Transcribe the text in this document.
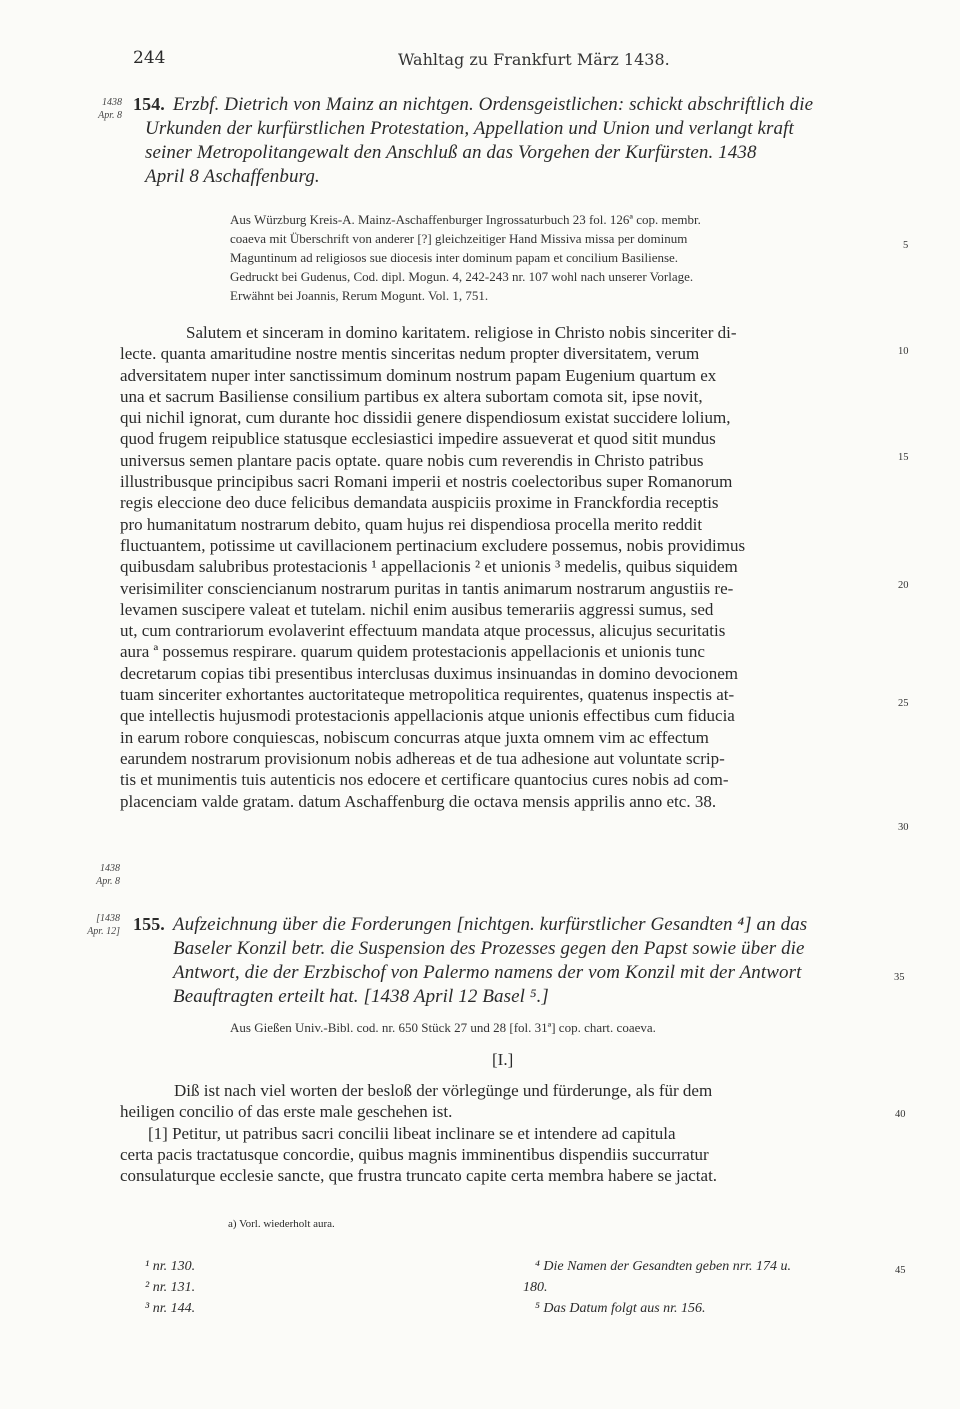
244	Wahltag zu Frankfurt März 1438.
1438
Apr. 8
154. Erzbf. Dietrich von Mainz an nichtgen. Ordensgeistlichen: schickt abschriftlich die
Urkunden der kurfürstlichen Protestation, Appellation und Union und verlangt kraft
seiner Metropolitangewalt den Anschluß an das Vorgehen der Kurfürsten. 1438
April 8 Aschaffenburg.
Aus Würzburg Kreis-A. Mainz-Aschaffenburger Ingrossaturbuch 23 fol. 126ª cop. membr.
coaeva mit Überschrift von anderer [?] gleichzeitiger Hand Missiva missa per dominum
Maguntinum ad religiosos sue diocesis inter dominum papam et concilium Basiliense.
Gedruckt bei Gudenus, Cod. dipl. Mogun. 4, 242-243 nr. 107 wohl nach unserer Vorlage.
Erwähnt bei Joannis, Rerum Mogunt. Vol. 1, 751.
Salutem et sinceram in domino karitatem. religiose in Christo nobis sinceriter di-
lecte. quanta amaritudine nostre mentis sinceritas nedum propter diversitatem, verum
adversitatem nuper inter sanctissimum dominum nostrum papam Eugenium quartum ex
una et sacrum Basiliense consilium partibus ex altera subortam comota sit, ipse novit,
qui nichil ignorat, cum durante hoc dissidii genere dispendiosum existat succidere lolium,
quod frugem reipublice statusque ecclesiastici impedire assueverat et quod sitit mundus
universus semen plantare pacis optate. quare nobis cum reverendis in Christo patribus
illustribusque principibus sacri Romani imperii et nostris coelectoribus super Romanorum
regis eleccione deo duce felicibus demandata auspiciis proxime in Franckfordia receptis
pro humanitatum nostrarum debito, quam hujus rei dispendiosa procella merito reddit
fluctuantem, potissime ut cavillacionem pertinacium excludere possemus, nobis providimus
quibusdam salubribus protestacionis ¹ appellacionis ² et unionis ³ medelis, quibus siquidem
verisimiliter consciencianum nostrarum puritas in tantis animarum nostrarum angustiis re-
levamen suscipere valeat et tutelam. nichil enim ausibus temerariis aggressi sumus, sed
ut, cum contrariorum evolaverint effectuum mandata atque processus, alicujus securitatis
aura ª possemus respirare. quarum quidem protestacionis appellacionis et unionis tunc
decretarum copias tibi presentibus interclusas duximus insinuandas in domino devocionem
tuam sinceriter exhortantes auctoritateque metropolitica requirentes, quatenus inspectis at-
que intellectis hujusmodi protestacionis appellacionis atque unionis effectibus cum fiducia
in earum robore conquiescas, nobiscum concurras atque juxta omnem vim ac effectum
earundem nostrarum provisionum nobis adhereas et de tua adhesione aut voluntate scrip-
tis et munimentis tuis autenticis nos edocere et certificare quantocius cures nobis ad com-
placenciam valde gratam. datum Aschaffenburg die octava mensis apprilis anno etc. 38.
1438
Apr. 8
5
10
15
20
25
30
35
40
45
[1438
Apr. 12] 155. Aufzeichnung über die Forderungen [nichtgen. kurfürstlicher Gesandten ⁴] an das
Baseler Konzil betr. die Suspension des Prozesses gegen den Papst sowie über die
Antwort, die der Erzbischof von Palermo namens der vom Konzil mit der Antwort
Beauftragten erteilt hat. [1438 April 12 Basel ⁵.]
Aus Gießen Univ.-Bibl. cod. nr. 650 Stück 27 und 28 [fol. 31ª] cop. chart. coaeva.
[I.]
Diß ist nach viel worten der besloß der vörlegünge und fürderunge, als für dem
heiligen concilio of das erste male geschehen ist.
[1] Petitur, ut patribus sacri concilii libeat inclinare se et intendere ad capitula
certa pacis tractatusque concordie, quibus magnis imminentibus dispendiis succurratur
consulaturque ecclesie sancte, que frustra truncato capite certa membra habere se jactat.
a) Vorl. wiederholt aura.
¹ nr. 130.
² nr. 131.
³ nr. 144.
⁴ Die Namen der Gesandten geben nrr. 174 u.
180.
⁵ Das Datum folgt aus nr. 156.
